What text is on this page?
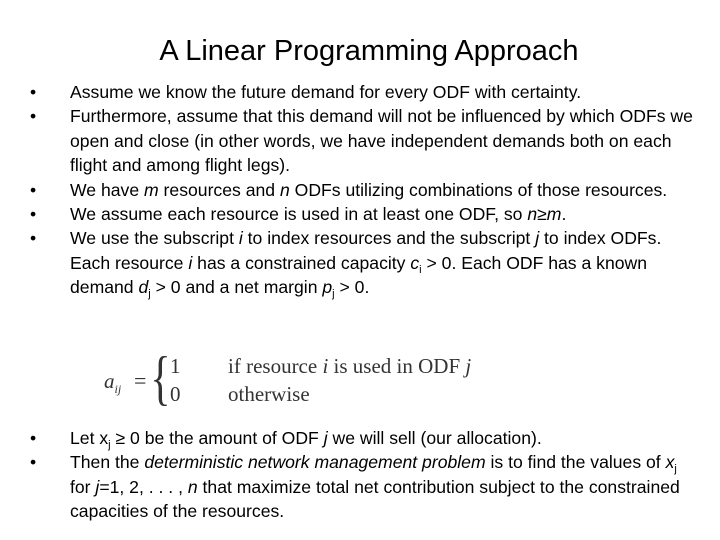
A Linear Programming Approach
• Assume we know the future demand for every ODF with certainty.
• Furthermore, assume that this demand will not be influenced by which ODFs we open and close (in other words, we have independent demands both on each flight and among flight legs).
• We have m resources and n ODFs utilizing combinations of those resources.
• We assume each resource is used in at least one ODF, so n≥m.
• We use the subscript i to index resources and the subscript j to index ODFs. Each resource i has a constrained capacity $c_i > 0$. Each ODF has a known demand $d_j > 0$ and a net margin $p_j > 0$.
$a_{ij}$ = { 1 if resource i is used in ODF j
0 otherwise
• Let $x_j \ge 0$ be the amount of ODF j we will sell (our allocation).
• Then the deterministic network management problem is to find the values of $x_j$ for j=1, 2, . . . , n that maximize total net contribution subject to the constrained capacities of the resources.
